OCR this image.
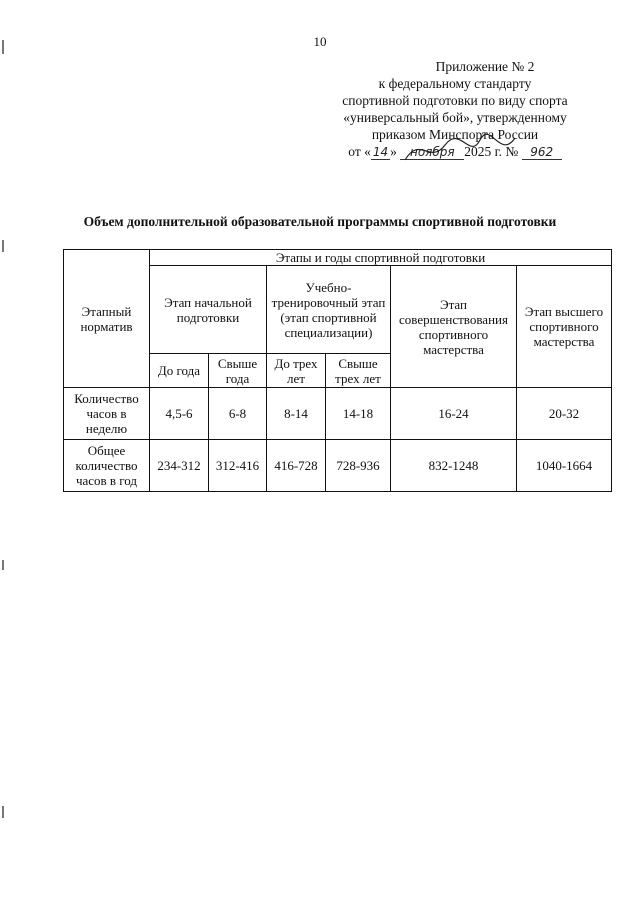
10
Приложение № 2
к федеральному стандарту
спортивной подготовки по виду спорта
«универсальный бой», утвержденному
приказом Минспорта России
от « 14 » ноября 2025 г. № 962
Объем дополнительной образовательной программы спортивной подготовки
Этапный норматив	Этапы и годы спортивной подготовки					
	Этап начальной подготовки		Учебно-тренировочный этап (этап спортивной специализации)		Этап совершенствования спортивного мастерства	Этап высшего спортивного мастерства
	До года	Свыше года	До трех лет	Свыше трех лет		
Количество часов в неделю	4,5-6	6-8	8-14	14-18	16-24	20-32
Общее количество часов в год	234-312	312-416	416-728	728-936	832-1248	1040-1664
